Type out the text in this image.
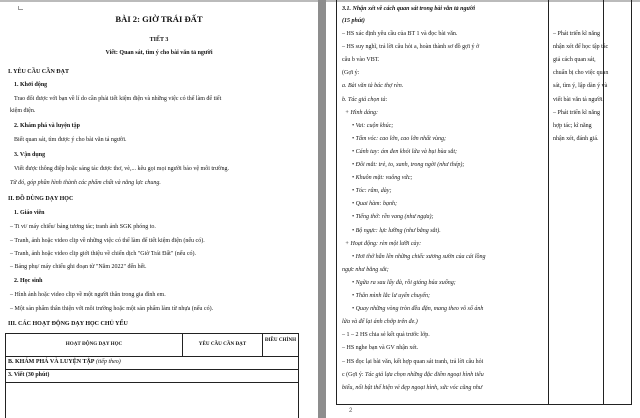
BÀI 2: GIỜ TRÁI ĐẤT
TIẾT 3
Viết: Quan sát, tìm ý cho bài văn tả người
I. YÊU CẦU CẦN ĐẠT
1. Khởi động
Trao đổi được với bạn về lí do cần phải tiết kiệm điện và những việc có thể làm để tiết
kiệm điện.
2. Khám phá và luyện tập
Biết quan sát, tìm được ý cho bài văn tả người.
3. Vận dụng
Viết được thông điệp hoặc sáng tác được thơ, vè,... kêu gọi mọi người bảo vệ môi trường.
Từ đó, góp phần hình thành các phẩm chất và năng lực chung.
II. ĐỒ DÙNG DẠY HỌC
1. Giáo viên
– Ti vi/ máy chiếu/ bảng tương tác; tranh ảnh SGK phóng to.
– Tranh, ảnh hoặc video clip về những việc có thể làm để tiết kiệm điện (nếu có).
– Tranh, ảnh hoặc video clip giới thiệu về chiến dịch "Giờ Trái Đất" (nếu có).
– Bảng phụ/ máy chiếu ghi đoạn từ "Năm 2022" đến hết.
2. Học sinh
– Hình ảnh hoặc video clip về một người thân trong gia đình em.
– Một sản phẩm thân thiện với môi trường hoặc một sản phẩm làm từ nhựa (nếu có).
III. CÁC HOẠT ĐỘNG DẠY HỌC CHỦ YẾU
HOẠT ĐỘNG DẠY HỌC	YÊU CẦU CẦN ĐẠT
ĐIỀU CHỈNH
B. KHÁM PHÁ VÀ LUYỆN TẬP (tiếp theo)
3. Viết (30 phút)
3.1. Nhận xét về cách quan sát trong bài văn tả người
(15 phút)
– HS xác định yêu cầu của BT 1 và đọc bài văn.
– HS suy nghĩ, trả lời câu hỏi a, hoàn thành sơ đồ gợi ý ở
câu b vào VBT.
(Gợi ý:
a. Bài văn tả bác thợ rèn.
b. Tác giả chọn tả:
+ Hình dáng:
• Vai: cuộn khúc;
• Tấm vóc: cao lớn, cao lớn nhất vùng;
• Cánh tay: ám đen khói lửa và bụi bùa sắt;
• Đôi mắt: trẻ, to, xanh, trong ngời (như thép);
• Khuôn mặt: vuông vức;
• Tóc: râm, dày;
• Quai hàm: bạnh;
• Tiếng thở: rền vang (như ngựa);
• Bộ ngực: lực lưỡng (như bằng sắt).
+ Hoạt động: rèn một lưỡi cày:
• Hơi thở hẫn lên những chiếc xương sườn của cái lồng
ngực như bằng sắt;
• Ngừa ra sau lấy đà, rồi giáng búa xuống;
• Thân mình lắc lư uyển chuyển;
• Quay những vòng tròn đều đặn, mang theo vô số ánh
lửa và để lại ánh chớp trên đe.)
– 1 – 2 HS chia sẻ kết quả trước lớp.
– HS nghe bạn và GV nhận xét.
– HS đọc lại bài văn, kết hợp quan sát tranh, trả lời câu hỏi
c (Gợi ý: Tác giả lựa chọn những đặc điểm ngoại hình tiêu
biểu, nổi bật thể hiện vẻ đẹp ngoại hình, sức vóc cũng như
– Phát triển kĩ năng
nhận xét để học tập tác
giả cách quan sát,
chuẩn bị cho việc quan
sát, tìm ý, lập dàn ý và
viết bài văn tả người.
– Phát triển kĩ năng
hợp tác; kĩ năng
nhận xét, đánh giá.
2
